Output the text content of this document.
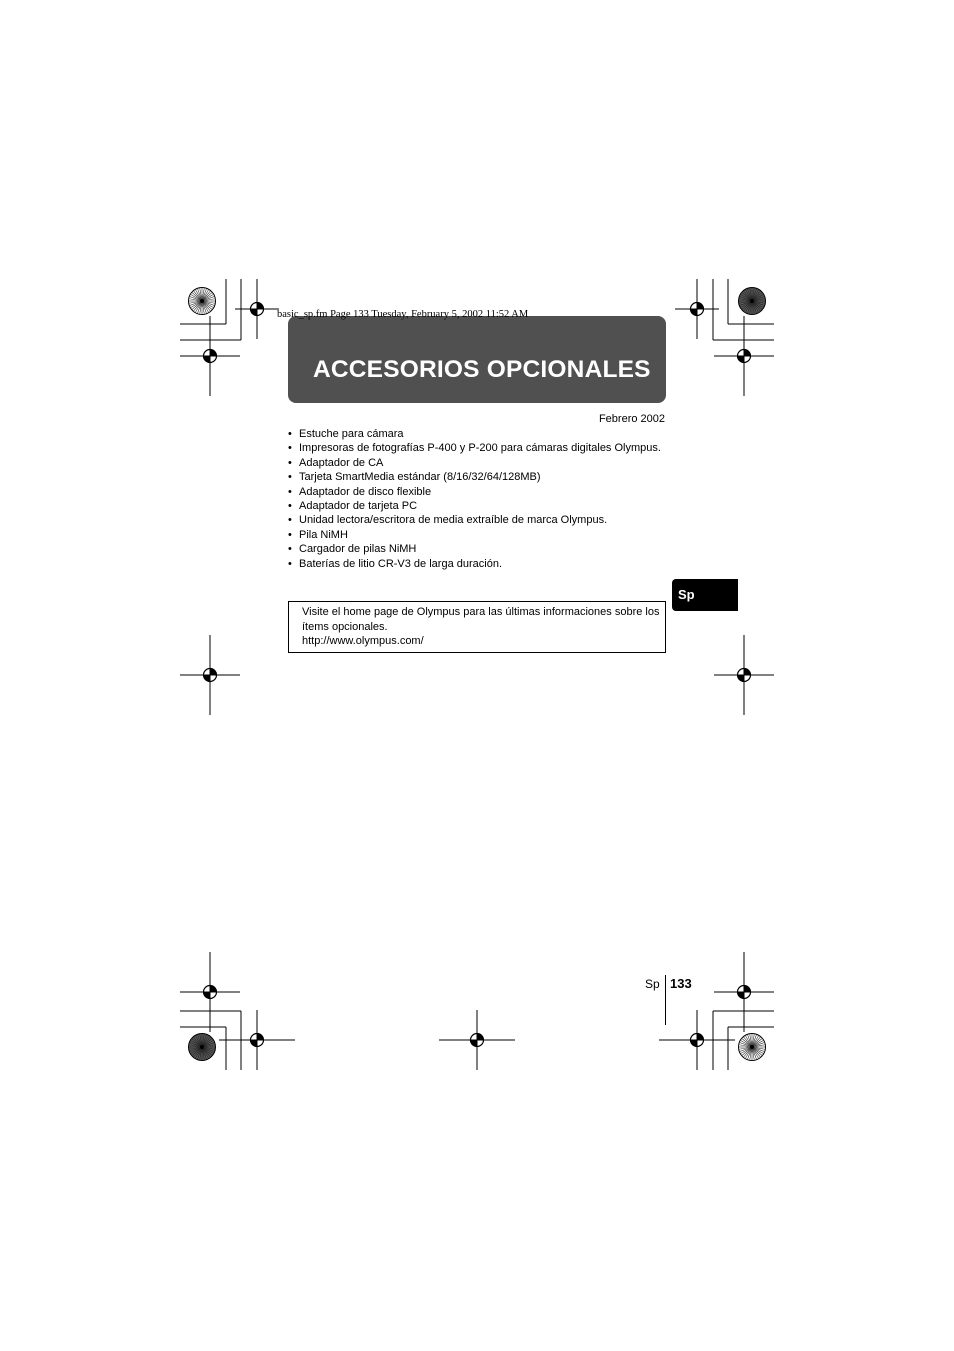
basic_sp.fm Page 133 Tuesday, February 5, 2002 11:52 AM
ACCESORIOS OPCIONALES
Febrero 2002
• Estuche para cámara
• Impresoras de fotografías P-400 y P-200 para cámaras digitales Olympus.
• Adaptador de CA
• Tarjeta SmartMedia estándar (8/16/32/64/128MB)
• Adaptador de disco flexible
• Adaptador de tarjeta PC
• Unidad lectora/escritora de media extraíble de marca Olympus.
• Pila NiMH
• Cargador de pilas NiMH
• Baterías de litio CR-V3 de larga duración.
Sp
Visite el home page de Olympus para las últimas informaciones sobre los
ítems opcionales.
http://www.olympus.com/
Sp 133
